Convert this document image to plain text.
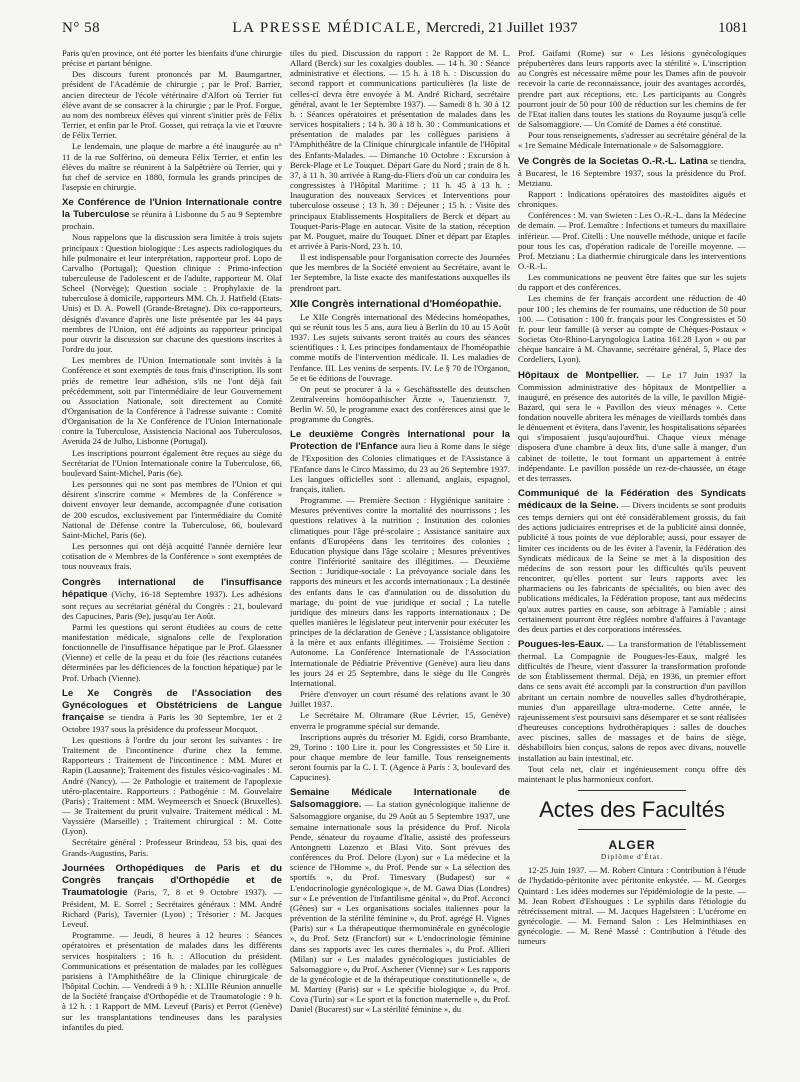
N° 58	LA PRESSE MÉDICALE, Mercredi, 21 Juillet 1937	1081

Paris qu'en province, ont été porter les bienfaits d'une chirurgie précise et partant bénigne.

Des discours furent prononcés par M. Baumgartner, président de l'Académie de chirurgie ; par le Prof. Barrier, ancien directeur de l'école vétérinaire d'Alfort où Terrier fut élève avant de se consacrer à la chirurgie ; par le Prof. Forgue, au nom des nombreux élèves qui vinrent s'initier près de Félix Terrier, et enfin par le Prof. Gosset, qui retraça la vie et l'œuvre de Félix Terrier.

Le lendemain, une plaque de marbre a été inaugurée au n° 11 de la rue Solférino, où demeura Félix Terrier, et enfin les élèves du maître se réunirent à la Salpêtrière où Terrier, qui y fut chef de service en 1880, formula les grands principes de l'asepsie en chirurgie.

Xe Conférence de l'Union Internationale contre la Tuberculose se réunira à Lisbonne du 5 au 9 Septembre prochain.

Nous rappelons que la discussion sera limitée à trois sujets principaux : Question biologique : Les aspects radiologiques du hile pulmonaire et leur interprétation, rapporteur prof. Lopo de Carvalho (Portugal); Question clinique : Primo-infection tuberculeuse de l'adolescent et de l'adulte, rapporteur M. Olaf Scheel (Norvège); Question sociale : Prophylaxie de la tuberculose à domicile, rapporteurs MM. Ch. J. Hatfield (Etats-Unis) et D. A. Powell (Grande-Bretagne). Dix co-rapporteurs, désignés d'avance d'après une liste présentée par les 44 pays membres de l'Union, ont été adjoints au rapporteur principal pour ouvrir la discussion sur chacune des questions inscrites à l'ordre du jour.

Les membres de l'Union Internationale sont invités à la Conférence et sont exemptés de tous frais d'inscription. Ils sont priés de remettre leur adhésion, s'ils ne l'ont déjà fait précédemment, soit par l'intermédiaire de leur Gouvernement ou Association Nationale, soit directement au Comité d'Organisation de la Conférence à l'adresse suivante : Comité d'Organisation de la Xe Conférence de l'Union Internationale contre la Tuberculose, Assistencia Nacional aos Tuberculosos, Avenida 24 de Julho, Lisbonne (Portugal).

Les inscriptions pourront également être reçues au siège du Secrétariat de l'Union Internationale contre la Tuberculose, 66, boulevard Saint-Michel, Paris (6e).

Les personnes qui ne sont pas membres de l'Union et qui désirent s'inscrire comme « Membres de la Conférence » doivent envoyer leur demande, accompagnée d'une cotisation de 200 escudos, exclusivement par l'intermédiaire du Comité National de Défense contre la Tuberculose, 66, boulevard Saint-Michel, Paris (6e).

Les personnes qui ont déjà acquitté l'année dernière leur cotisation de « Membres de la Conférence » sont exemptées de tous nouveaux frais.

Congrès international de l'insuffisance hépatique (Vichy, 16-18 Septembre 1937). Les adhésions sont reçues au secrétariat général du Congrès : 21, boulevard des Capucines, Paris (9e), jusqu'au 1er Août.

Parmi les questions qui seront étudiées au cours de cette manifestation médicale, signalons celle de l'exploration fonctionnelle de l'insuffisance hépatique par le Prof. Glaessner (Vienne) et celle de la peau et du foie (les réactions cutanées déterminées par les déficiences de la fonction hépatique) par le Prof. Urbach (Vienne).

Le Xe Congrès de l'Association des Gynécologues et Obstétriciens de Langue française se tiendra à Paris les 30 Septembre, 1er et 2 Octobre 1937 sous la présidence du professeur Mocquot.

Les questions à l'ordre du jour seront les suivantes : Ire Traitement de l'incontinence d'urine chez la femme. Rapporteurs : Traitement de l'incontinence : MM. Muret et Rapin (Lausanne); Traitement des fistules vésico-vaginales : M. André (Nancy). — 2e Pathologie et traitement de l'apoplexie utéro-placentaire. Rapporteurs : Pathogénie : M. Gouvelaire (Paris) ; Traitement : MM. Weymeersch et Snoeck (Bruxelles). — 3e Traitement du prurit vulvaire. Traitement médical : M. Vayssière (Marseille) ; Traitement chirurgical : M. Cotte (Lyon).

Secrétaire général : Professeur Brindeau, 53 bis, quai des Grands-Augustins, Paris.

Journées Orthopédiques de Paris et du Congrès français d'Orthopédie et de Traumatologie (Paris, 7, 8 et 9 Octobre 1937). — Président, M. E. Sorrel ; Secrétaires généraux : MM. André Richard (Paris), Tavernier (Lyon) ; Trésorier : M. Jacques Leveuf.

Programme. — Jeudi, 8 heures à 12 heures : Séances opératoires et présentation de malades dans les différents services hospitaliers ; 16 h. : Allocution du président. Communications et présentation de malades par les collègues parisiens à l'Amphithéâtre de la Clinique chirurgicale de l'hôpital Cochin. — Vendredi à 9 h. : XLIIIe Réunion annuelle de la Société française d'Orthopédie et de Traumatologie : 9 h. à 12 h. : 1 Rapport de MM. Leveuf (Paris) et Perrot (Genève) sur les transplantations tendineuses dans les paralysies infantiles du pied.

tiles du pied. Discussion du rapport : 2e Rapport de M. L. Allard (Berck) sur les coxalgies doubles. — 14 h. 30 : Séance administrative et élections. — 15 h. à 18 h. : Discussion du second rapport et communications particulières (la liste de celles-ci devra être envoyée à M. André Richard, secrétaire général, avant le 1er Septembre 1937). — Samedi 8 h. 30 à 12 h. : Séances opératoires et présentation de malades dans les services hospitaliers ; 14 h. 30 à 18 h. 30 : Communications et présentation de malades par les collègues parisiens à l'Amphithéâtre de la Clinique chirurgicale infantile de l'Hôpital des Enfants-Malades. — Dimanche 10 Octobre : Excursion à Berck-Plage et Le Touquet. Départ Gare du Nord ; train de 8 h. 37, à 11 h. 30 arrivée à Rang-du-Fliers d'où un car conduira les congressistes à l'Hôpital Maritime ; 11 h. 45 à 13 h. : Inauguration des nouveaux Services et Interventions pour tuberculose osseuse ; 13 h. 30 : Déjeuner ; 15 h. : Visite des principaux Etablissements Hospitaliers de Berck et départ au Touquet-Paris-Plage en autocar. Visite de la station, réception par M. Pouguet, maire du Touquet. Dîner et départ par Etaples et arrivée à Paris-Nord, 23 h. 10.

Il est indispensable pour l'organisation correcte des Journées que les membres de la Société envoient au Secrétaire, avant le 1er Septembre, la liste exacte des manifestations auxquelles ils prendront part.

XIIe Congrès international d'Homéopathie.

Le XIIe Congrès international des Médecins homéopathes, qui se réunit tous les 5 ans, aura lieu à Berlin du 10 au 15 Août 1937. Les sujets suivants seront traités au cours des séances scientifiques : I. Les principes fondamentaux de l'homéopathie comme motifs de l'intervention médicale. II. Les maladies de l'enfance. III. Les venins de serpents. IV. Le § 70 de l'Organon, 5e et 6e éditions de l'ouvrage.

On peut se procurer à la « Geschäftsstelle des deutschen Zentralvereins homöopathischer Ärzte », Tauenzienstr. 7, Berlin W. 50, le programme exact des conférences ainsi que le programme du Congrès.

Le deuxième Congrès International pour la Protection de l'Enfance aura lieu à Rome dans le siège de l'Exposition des Colonies climatiques et de l'Assistance à l'Enfance dans le Circo Massimo, du 23 au 26 Septembre 1937. Les langues officielles sont : allemand, anglais, espagnol, français, italien.

Programme. — Première Section : Hygiénique sanitaire : Mesures préventives contre la mortalité des nourrissons ; les questions relatives à la nutrition ; Institution des colonies climatiques pour l'âge pré-scolaire ; Assistance sanitaire aux enfants d'Européens dans les territoires des colonies ; Education physique dans l'âge scolaire ; Mesures préventives contre l'infériorité sanitaire des illégitimes. — Deuxième Section : Juridique-sociale : La prévoyance sociale dans les rapports des mineurs et les accords internationaux ; La destinée des enfants dans le cas d'annulation ou de dissolution du mariage, du point de vue juridique et social ; La tutelle juridique des mineurs dans les rapports internationaux ; De quelles manières le législateur peut intervenir pour exécuter les principes de la déclaration de Genève ; L'assistance obligatoire à la mère et aux enfants illégitimes. — Troisième Section : Autonome. La Conférence Internationale de l'Association Internationale de Pédiatrie Préventive (Genève) aura lieu dans les jours 24 et 25 Septembre, dans le siège du IIe Congrès International.

Prière d'envoyer un court résumé des relations avant le 30 Juillet 1937.

Le Secrétaire M. Oltramare (Rue Lévrier, 15, Genève) enverra le programme spécial sur demande.

Inscriptions auprès du trésorier M. Egidi, corso Brambante, 29, Torino : 100 Lire it. pour les Congressistes et 50 Lire it. pour chaque membre de leur famille. Tous renseignements seront fournis par la C. I. T. (Agence à Paris : 3, boulevard des Capucines).

Semaine Médicale Internationale de Salsomaggiore. — La station gynécologique italienne de Salsomaggiore organise, du 29 Août au 5 Septembre 1937, une semaine internationale sous la présidence du Prof. Nicola Pende, sénateur du royaume d'Italie, assisté des professeurs Antongnetti Lozenzo et Blasi Vito. Sont prévues des conférences du Prof. Delore (Lyon) sur « La médecine et la science de l'Homme », du Prof. Pende sur « La sélection des sportifs », du Prof. Timesvary (Budapest) sur « L'endocrinologie gynécologique », de M. Gawa Dias (Londres) sur « Le prévention de l'infantilisme génital », du Prof. Acconci (Gênes) sur « Les organisations sociales italiennes pour la prévention de la stérilité féminine », du Prof. agrégé H. Vignes (Paris) sur « La thérapeutique thermominérale en gynécologie », du Prof. Setz (Francfort) sur « L'endocrinologie féminine dans ses rapports avec les cures thermales », du Prof. Allieri (Milan) sur « Les malades gynécologiques justiciables de Salsomaggiore », du Prof. Aschener (Vienne) sur « Les rapports de la gynécologie et de la thérapeutique constitutionnelle », de M. Martiny (Paris) sur « Le spécifie biologique », du Prof. Cova (Turin) sur « Le sport et la fonction maternelle », du Prof. Daniel (Bucarest) sur « La stérilité féminine », du

Prof. Gaifami (Rome) sur « Les lésions gynécologiques prépubertères dans leurs rapports avec la stérilité ». L'inscription au Congrès est nécessaire même pour les Dames afin de pouvoir recevoir la carte de reconnaissance, jouir des avantages accordés, prendre part aux réceptions, etc. Les participants au Congrès pourront jouir de 50 pour 100 de réduction sur les chemins de fer de l'Etat italien dans toutes les stations du Royaume jusqu'à celle de Salsomaggiore. — Un Comité de Dames a été constitué.

Pour tous renseignements, s'adresser au secrétaire général de la « 1re Semaine Médicale Internationale » de Salsomaggiore.

Ve Congrès de la Societas O.-R.-L. Latina se tiendra, à Bucarest, le 16 Septembre 1937, sous la présidence du Prof. Metzianu.

Rapport : Indications opératoires des mastoïdites aiguës et chroniques.

Conférences : M. van Swieten : Les O.-R.-L. dans la Médecine de demain. — Prof. Lemaître : Infections et tumeurs du maxillaire inférieur. — Prof. Citelli : Une nouvelle méthode, unique et facile pour tous les cas, d'opération radicale de l'oreille moyenne. — Prof. Metzianu : La diathermie chirurgicale dans les interventions O.-R.-L.

Les communications ne peuvent être faites que sur les sujets du rapport et des conférences.

Les chemins de fer français accordent une réduction de 40 pour 100 ; les chemins de fer roumains, une réduction de 50 pour 100. — Cotisation : 100 fr. français pour les Congressistes et 50 fr. pour leur famille (à verser au compte de Chèques-Postaux « Societas Oto-Rhino-Laryngologica Latina 161.28 Lyon » ou par chèque bancaire à M. Chavanne, secrétaire général, 5, Place des Cordeliers, Lyon).

Hôpitaux de Montpellier. — Le 17 Juin 1937 la Commission administrative des hôpitaux de Montpellier a inauguré, en présence des autorités de la ville, le pavillon Migié-Bazard, qui sera le « Pavillon des vieux ménages ». Cette fondation nouvelle abritera les ménages de vieillards tombés dans le dénuement et évitera, dans l'avenir, les hospitalisations séparées qui s'imposaient jusqu'aujourd'hui. Chaque vieux ménage disposera d'une chambre à deux lits, d'une salle à manger, d'un cabinet de toilette, le tout formant un appartement à entrée indépendante. Le pavillon possède un rez-de-chaussée, un étage et des terrasses.

Communiqué de la Fédération des Syndicats médicaux de la Seine. — Divers incidents se sont produits ces temps derniers qui ont été considérablement grossis, du fait des actions judiciaires entreprises et de la publicité ainsi donnée, publicité à tous points de vue déplorable; aussi, pour essayer de limiter ces incidents ou de les éviter à l'avenir, la Fédération des Syndicats médicaux de la Seine se met à la disposition des médecins de son ressort pour les difficultés qu'ils peuvent rencontrer, qu'elles portent sur leurs rapports avec les pharmaciens ou les fabricants de spécialités, ou bien avec des publications médicales, la Fédération propose, tant aux médecins qu'aux autres parties en cause, son arbitrage à l'amiable ; ainsi certainement pourront être réglées nombre d'affaires à l'avantage des deux parties et des corporations intéressées.

Pougues-les-Eaux. — La transformation de l'établissement thermal. La Compagnie de Pougues-les-Eaux, malgré les difficultés de l'heure, vient d'assurer la transformation profonde de son Établissement thermal. Déjà, en 1936, un premier effort dans ce sens avait été accompli par la construction d'un pavillon abritant un certain nombre de nouvelles salles d'hydrothérapie, munies d'un appareillage ultra-moderne. Cette année, le rajeunissement s'est poursuivi sans désemparer et se sont réalisées d'heureuses conceptions hydrothérapiques : salles de douches avec piscines, salles de massages et de bains de siège, déshabilloirs bien conçus, salons de repos avec divans, nouvelle installation au bain intestinal, etc.

Tout cela net, clair et ingénieusement conçu offre dès maintenant le plus harmonieux confort.

Actes des Facultés
ALGER
Diplôme d'État.

12-25 Juin 1937. — M. Robert Cintura : Contribution à l'étude de l'hydatido-péritonite avec péritonite enkystée. — M. Georges Quintard : Les idées modernes sur l'épidémiologie de la peste. — M. Jean Robert d'Eshougues : Le syphilis dans l'étiologie du rétrécissement mitral. — M. Jacques Hagelsteen : L'ucérome en gynécologie. — M. Fernand Salon : Les Helminthiases en gynécologie. — M. René Massé : Contribution à l'étude des tumeurs
